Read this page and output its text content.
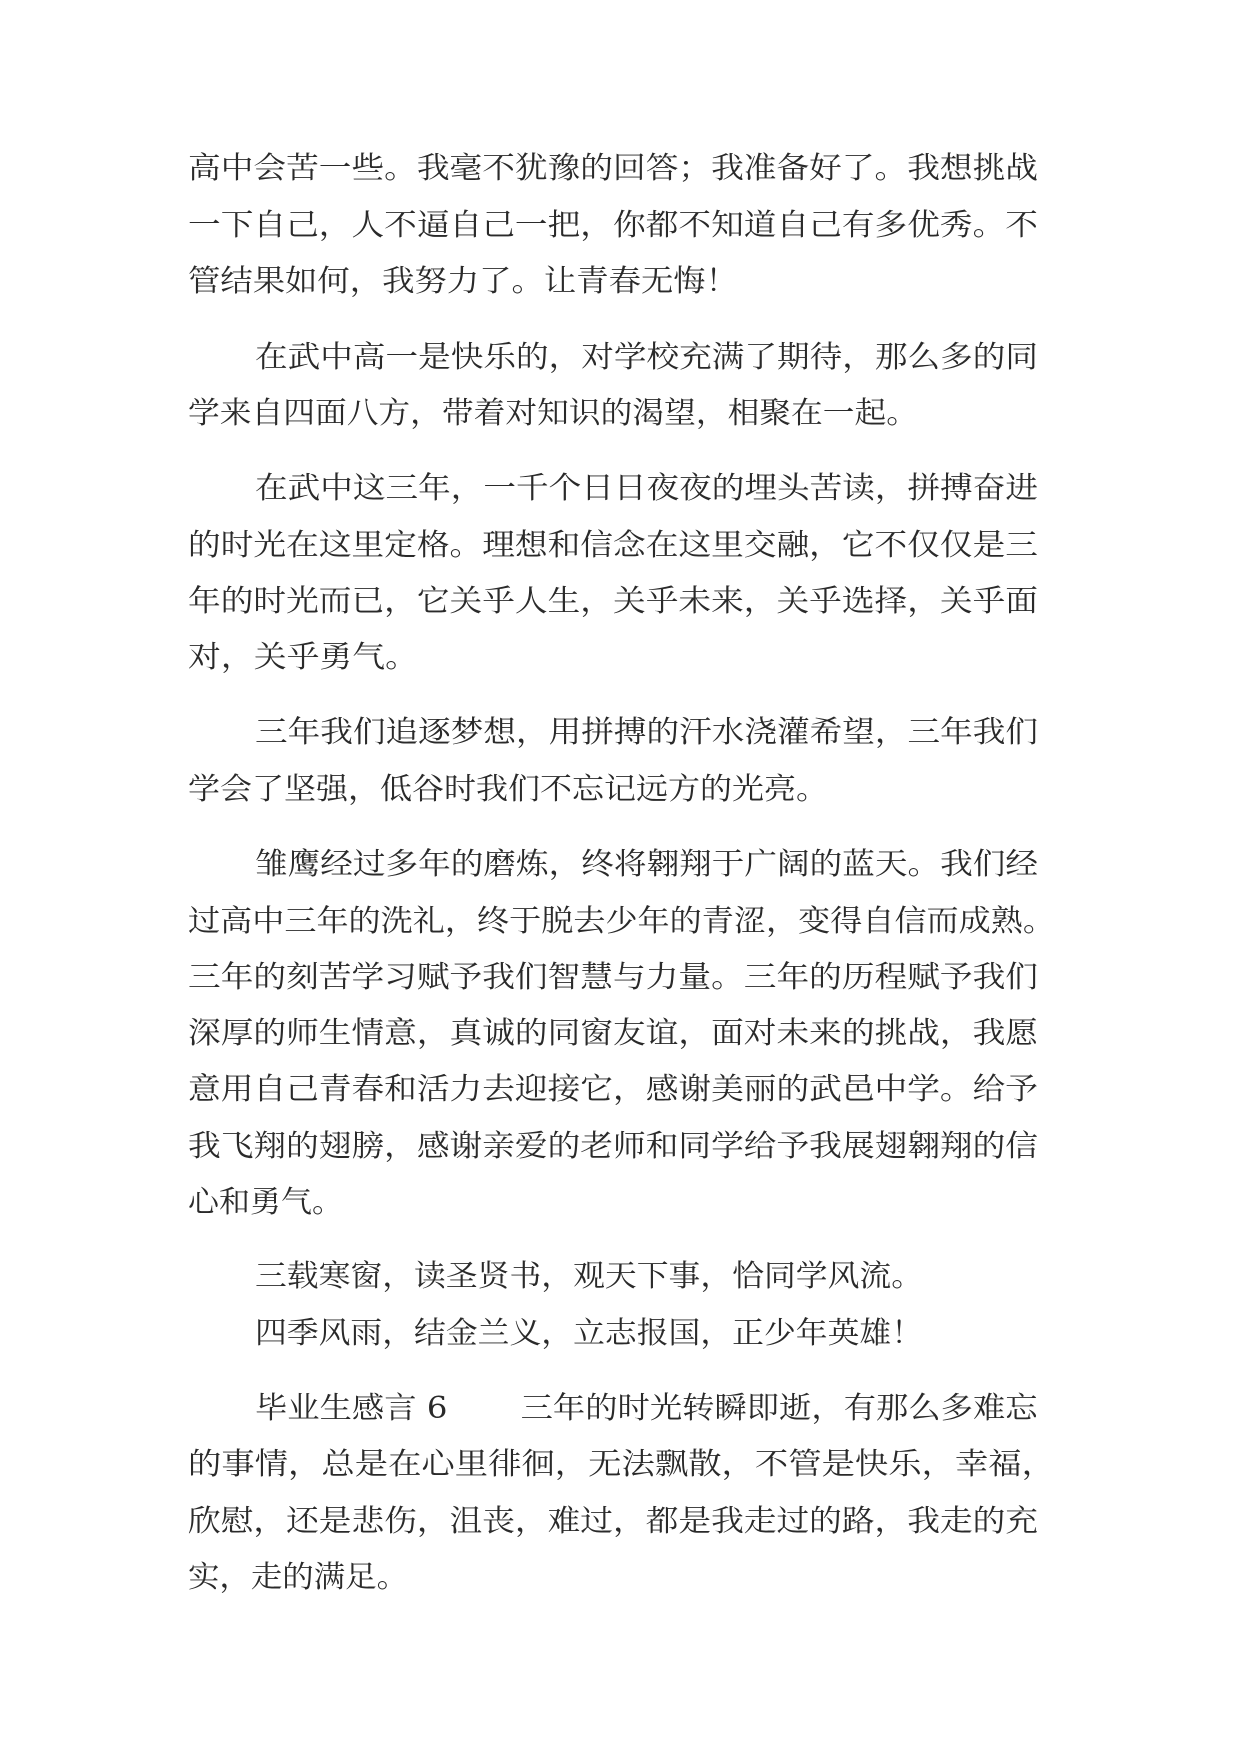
高中会苦一些。我毫不犹豫的回答；我准备好了。我想挑战

一下自己，人不逼自己一把，你都不知道自己有多优秀。不

管结果如何，我努力了。让青春无悔！

在武中高一是快乐的，对学校充满了期待，那么多的同

学来自四面八方，带着对知识的渴望，相聚在一起。

在武中这三年，一千个日日夜夜的埋头苦读，拼搏奋进

的时光在这里定格。理想和信念在这里交融，它不仅仅是三

年的时光而已，它关乎人生，关乎未来，关乎选择，关乎面

对，关乎勇气。

三年我们追逐梦想，用拼搏的汗水浇灌希望，三年我们

学会了坚强，低谷时我们不忘记远方的光亮。

雏鹰经过多年的磨炼，终将翱翔于广阔的蓝天。我们经

过高中三年的洗礼，终于脱去少年的青涩，变得自信而成熟。

三年的刻苦学习赋予我们智慧与力量。三年的历程赋予我们

深厚的师生情意，真诚的同窗友谊，面对未来的挑战，我愿

意用自己青春和活力去迎接它，感谢美丽的武邑中学。给予

我飞翔的翅膀，感谢亲爱的老师和同学给予我展翅翱翔的信

心和勇气。

三载寒窗，读圣贤书，观天下事，恰同学风流。

四季风雨，结金兰义，立志报国，正少年英雄！

毕业生感言 6 三年的时光转瞬即逝，有那么多难忘

的事情，总是在心里徘徊，无法飘散，不管是快乐，幸福，

欣慰，还是悲伤，沮丧，难过，都是我走过的路，我走的充

实，走的满足。
